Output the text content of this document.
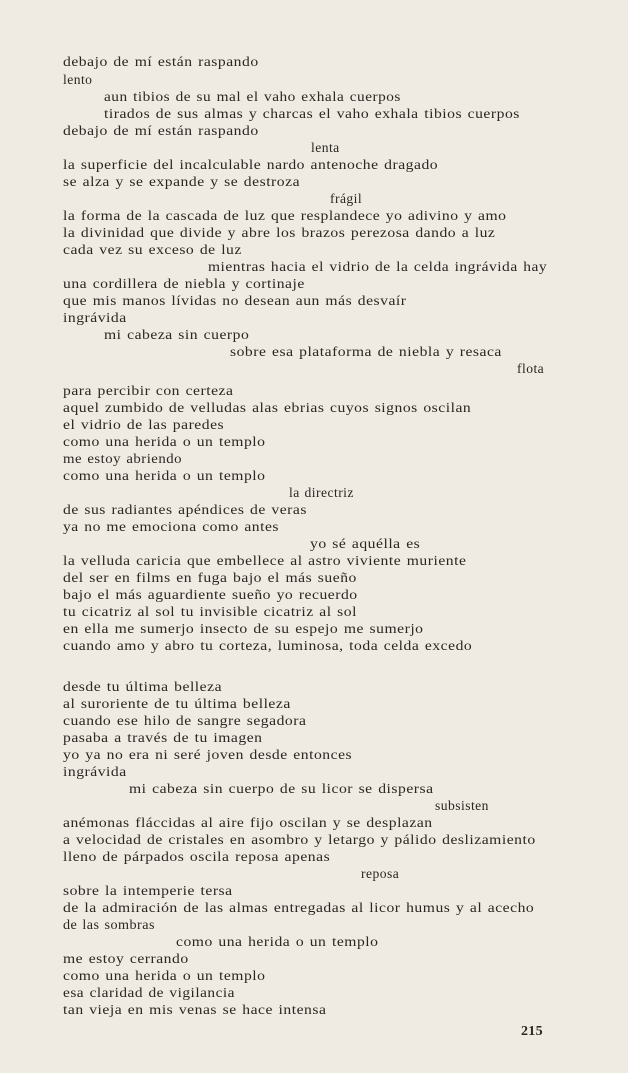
debajo de mí están raspando
lento
aun tibios de su mal el vaho exhala cuerpos
tirados de sus almas y charcas el vaho exhala tibios cuerpos
debajo de mí están raspando
lenta
la superficie del incalculable nardo antenoche dragado
se alza y se expande y se destroza
frágil
la forma de la cascada de luz que resplandece yo adivino y amo
la divinidad que divide y abre los brazos perezosa dando a luz
cada vez su exceso de luz
mientras hacia el vidrio de la celda ingrávida hay
una cordillera de niebla y cortinaje
que mis manos lívidas no desean aun más desvaír
ingrávida
mi cabeza sin cuerpo
sobre esa plataforma de niebla y resaca
flota
para percibir con certeza
aquel zumbido de velludas alas ebrias cuyos signos oscilan
el vidrio de las paredes
como una herida o un templo
me estoy abriendo
como una herida o un templo
la directriz
de sus radiantes apéndices de veras
ya no me emociona como antes
yo sé aquélla es
la velluda caricia que embellece al astro viviente muriente
del ser en films en fuga bajo el más sueño
bajo el más aguardiente sueño yo recuerdo
tu cicatriz al sol tu invisible cicatriz al sol
en ella me sumerjo insecto de su espejo me sumerjo
cuando amo y abro tu corteza, luminosa, toda celda excedo
desde tu última belleza
al suroriente de tu última belleza
cuando ese hilo de sangre segadora
pasaba a través de tu imagen
yo ya no era ni seré joven desde entonces
ingrávida
mi cabeza sin cuerpo de su licor se dispersa
subsisten
anémonas fláccidas al aire fijo oscilan y se desplazan
a velocidad de cristales en asombro y letargo y pálido deslizamiento
lleno de párpados oscila reposa apenas
reposa
sobre la intemperie tersa
de la admiración de las almas entregadas al licor humus y al acecho
de las sombras
como una herida o un templo
me estoy cerrando
como una herida o un templo
esa claridad de vigilancia
tan vieja en mis venas se hace intensa
215
